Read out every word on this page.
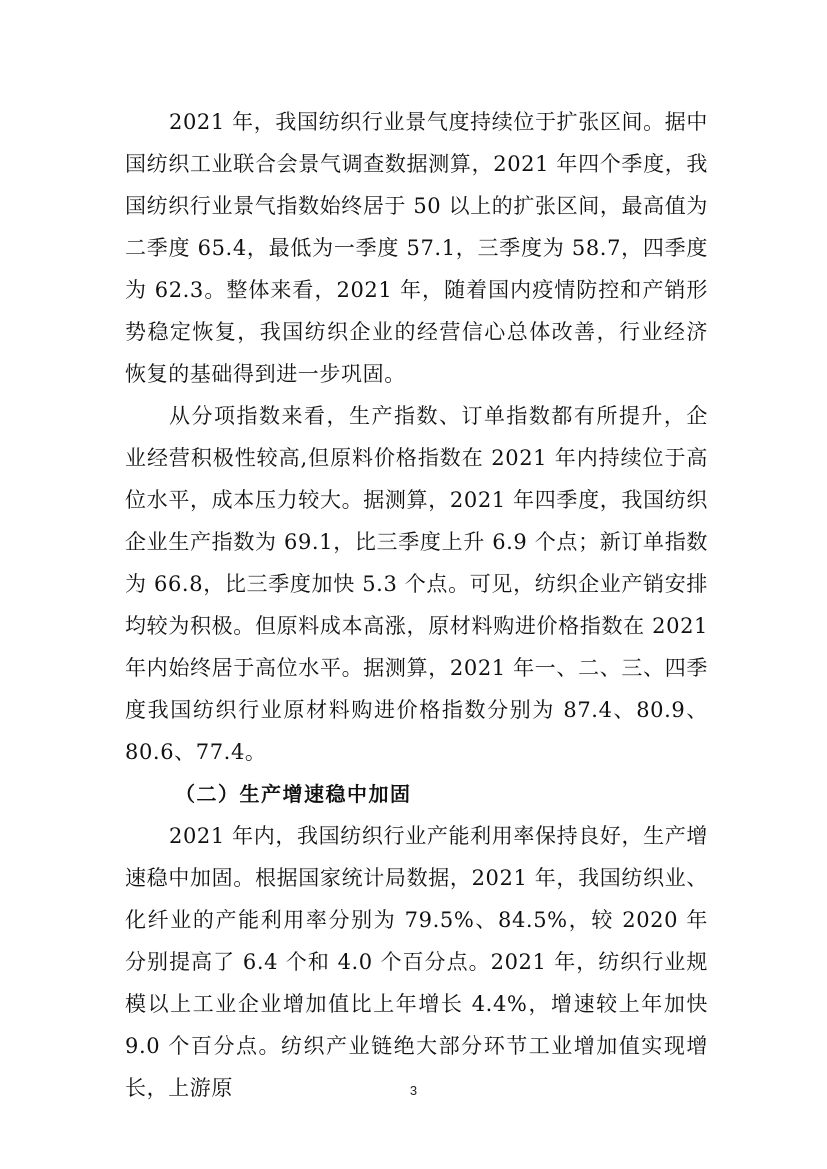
2021 年，我国纺织行业景气度持续位于扩张区间。据中国纺织工业联合会景气调查数据测算，2021 年四个季度，我国纺织行业景气指数始终居于 50 以上的扩张区间，最高值为二季度 65.4，最低为一季度 57.1，三季度为 58.7，四季度为 62.3。整体来看，2021 年，随着国内疫情防控和产销形势稳定恢复，我国纺织企业的经营信心总体改善，行业经济恢复的基础得到进一步巩固。

从分项指数来看，生产指数、订单指数都有所提升，企业经营积极性较高,但原料价格指数在 2021 年内持续位于高位水平，成本压力较大。据测算，2021 年四季度，我国纺织企业生产指数为 69.1，比三季度上升 6.9 个点；新订单指数为 66.8，比三季度加快 5.3 个点。可见，纺织企业产销安排均较为积极。但原料成本高涨，原材料购进价格指数在 2021 年内始终居于高位水平。据测算，2021 年一、二、三、四季度我国纺织行业原材料购进价格指数分别为 87.4、80.9、80.6、77.4。

（二）生产增速稳中加固

2021 年内，我国纺织行业产能利用率保持良好，生产增速稳中加固。根据国家统计局数据，2021 年，我国纺织业、化纤业的产能利用率分别为 79.5%、84.5%，较 2020 年分别提高了 6.4 个和 4.0 个百分点。2021 年，纺织行业规模以上工业企业增加值比上年增长 4.4%，增速较上年加快 9.0 个百分点。纺织产业链绝大部分环节工业增加值实现增长，上游原	3
